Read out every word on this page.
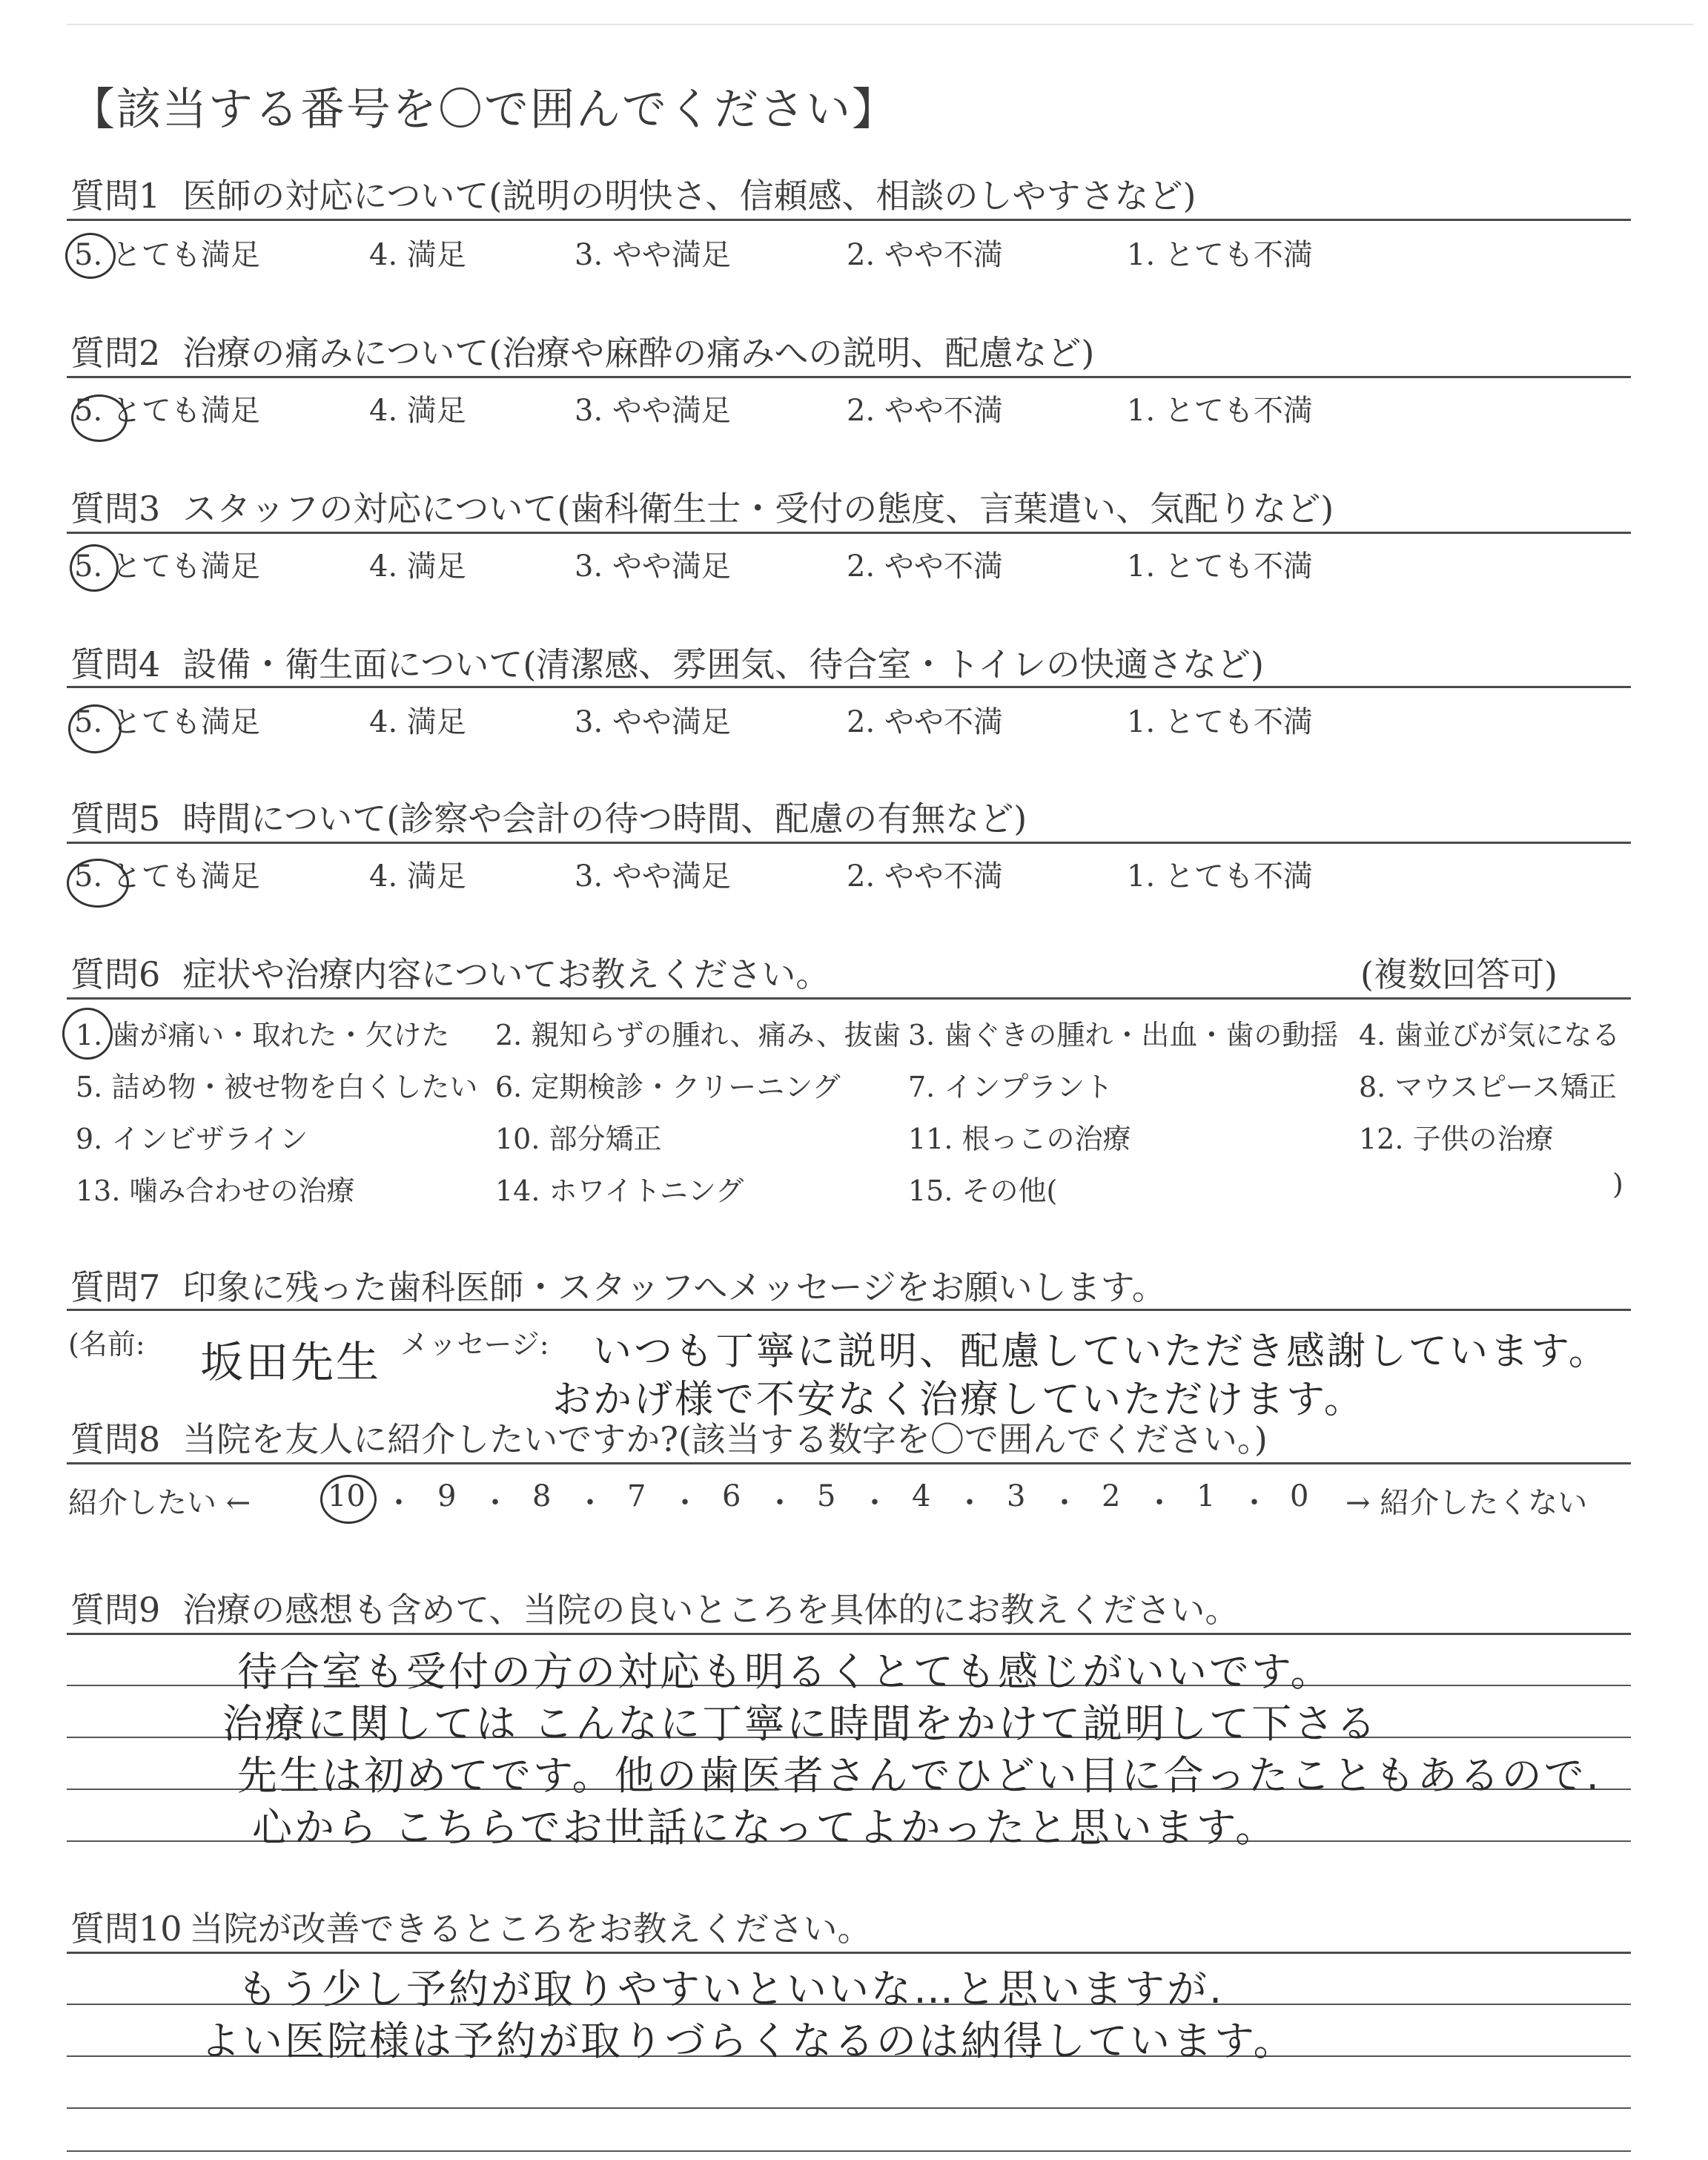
【該当する番号を〇で囲んでください】
質問1 医師の対応について(説明の明快さ、信頼感、相談のしやすさなど)
5. とても満足	4. 満足	3. やや満足	2. やや不満	1. とても不満
質問2 治療の痛みについて(治療や麻酔の痛みへの説明、配慮など)
5. とても満足	4. 満足	3. やや満足	2. やや不満	1. とても不満
質問3 スタッフの対応について(歯科衛生士・受付の態度、言葉遣い、気配りなど)
5. とても満足	4. 満足	3. やや満足	2. やや不満	1. とても不満
質問4 設備・衛生面について(清潔感、雰囲気、待合室・トイレの快適さなど)
5. とても満足	4. 満足	3. やや満足	2. やや不満	1. とても不満
質問5 時間について(診察や会計の待つ時間、配慮の有無など)
5. とても満足	4. 満足	3. やや満足	2. やや不満	1. とても不満
質問6 症状や治療内容についてお教えください。	(複数回答可)
1. 歯が痛い・取れた・欠けた 2. 親知らずの腫れ、痛み、抜歯 3. 歯ぐきの腫れ・出血・歯の動揺 4. 歯並びが気になる
5. 詰め物・被せ物を白くしたい 6. 定期検診・クリーニング 7. インプラント	8. マウスピース矯正
9. インビザライン	10. 部分矯正	11. 根っこの治療	12. 子供の治療
13. 噛み合わせの治療	14. ホワイトニング	15. その他(	)
質問7 印象に残った歯科医師・スタッフへメッセージをお願いします。
(名前:	メッセージ:
坂田先生	いつも丁寧に説明、配慮していただき感謝しています。
おかげ様で不安なく治療していただけます。
質問8 当院を友人に紹介したいですか?(該当する数字を〇で囲んでください。)
紹介したい ←	10 ・ 9 ・ 8 ・ 7 ・ 6 ・ 5 ・ 4 ・ 3 ・ 2 ・ 1 ・ 0 → 紹介したくない
質問9 治療の感想も含めて、当院の良いところを具体的にお教えください。
待合室も受付の方の対応も明るくとても感じがいいです。
治療に関しては こんなに丁寧に時間をかけて説明して下さる
先生は初めてです。他の歯医者さんでひどい目に合ったこともあるので.
心から こちらでお世話になってよかったと思います。
質問10 当院が改善できるところをお教えください。
もう少し予約が取りやすいといいな…と思いますが.
よい医院様は予約が取りづらくなるのは納得しています。
